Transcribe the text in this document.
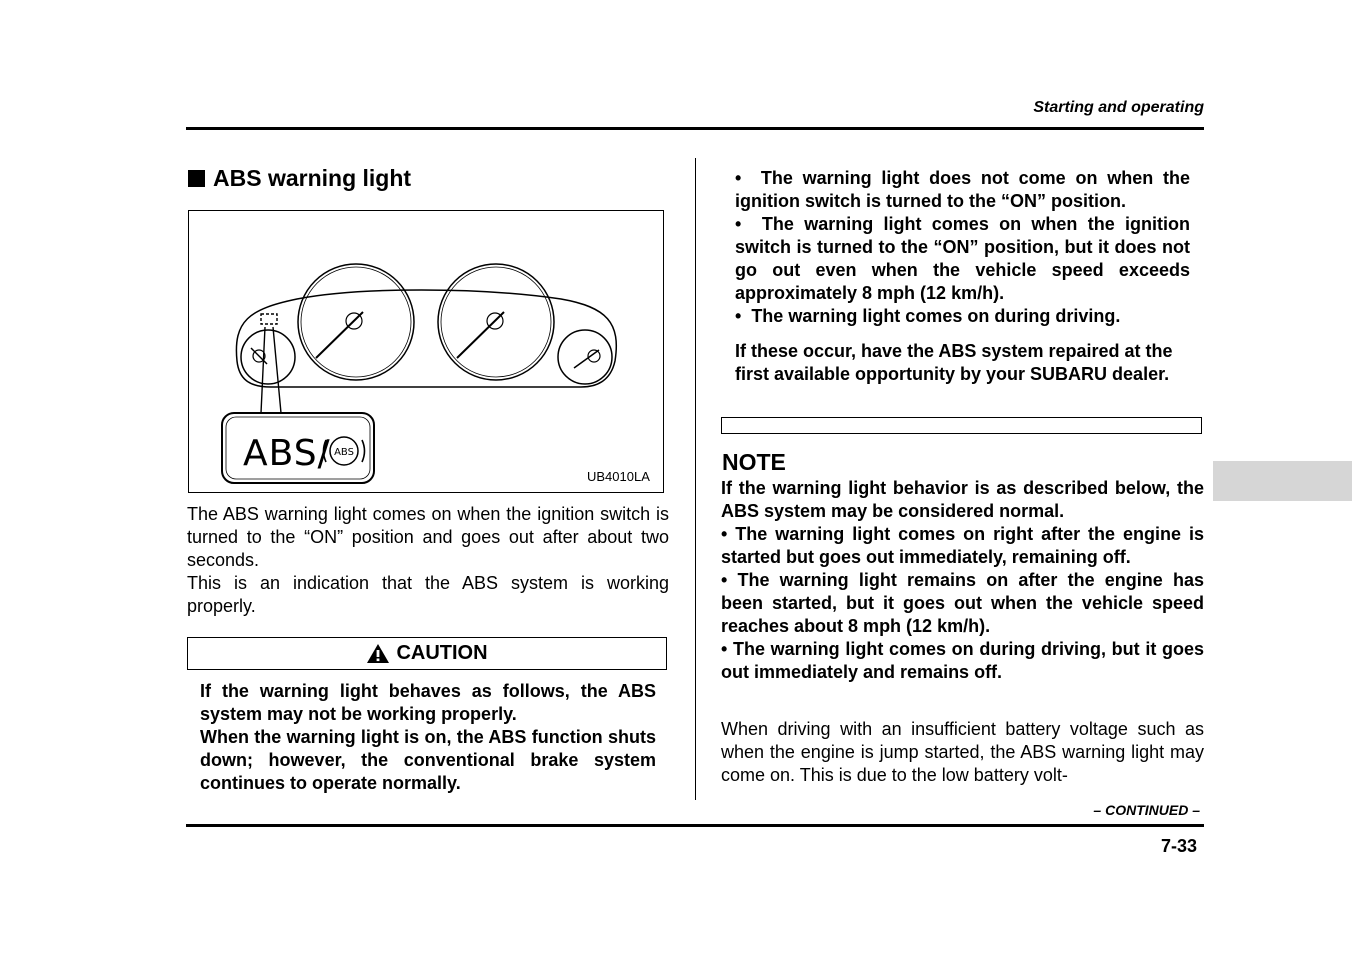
Starting and operating
ABS warning light
ABS
ABS/
UB4010LA

The ABS warning light comes on when the ignition switch is turned to the “ON” position and goes out after about two seconds.

This is an indication that the ABS system is working properly.

CAUTION

If the warning light behaves as follows, the ABS system may not be working properly.

When the warning light is on, the ABS function shuts down; however, the conventional brake system continues to operate normally.

•  The warning light does not come on when the ignition switch is turned to the “ON” position.

•  The warning light comes on when the ignition switch is turned to the “ON” position, but it does not go out even when the vehicle speed exceeds approximately 8 mph (12 km/h).

•  The warning light comes on during driving.

If these occur, have the ABS system repaired at the first available opportunity by your SUBARU dealer.

NOTE

If the warning light behavior is as described below, the ABS system may be considered normal.

• The warning light comes on right after the engine is started but goes out immediately, remaining off.

• The warning light remains on after the engine has been started, but it goes out when the vehicle speed reaches about 8 mph (12 km/h).

• The warning light comes on during driving, but it goes out immediately and remains off.

When driving with an insufficient battery voltage such as when the engine is jump started, the ABS warning light may come on. This is due to the low battery volt-

– CONTINUED –
7-33
